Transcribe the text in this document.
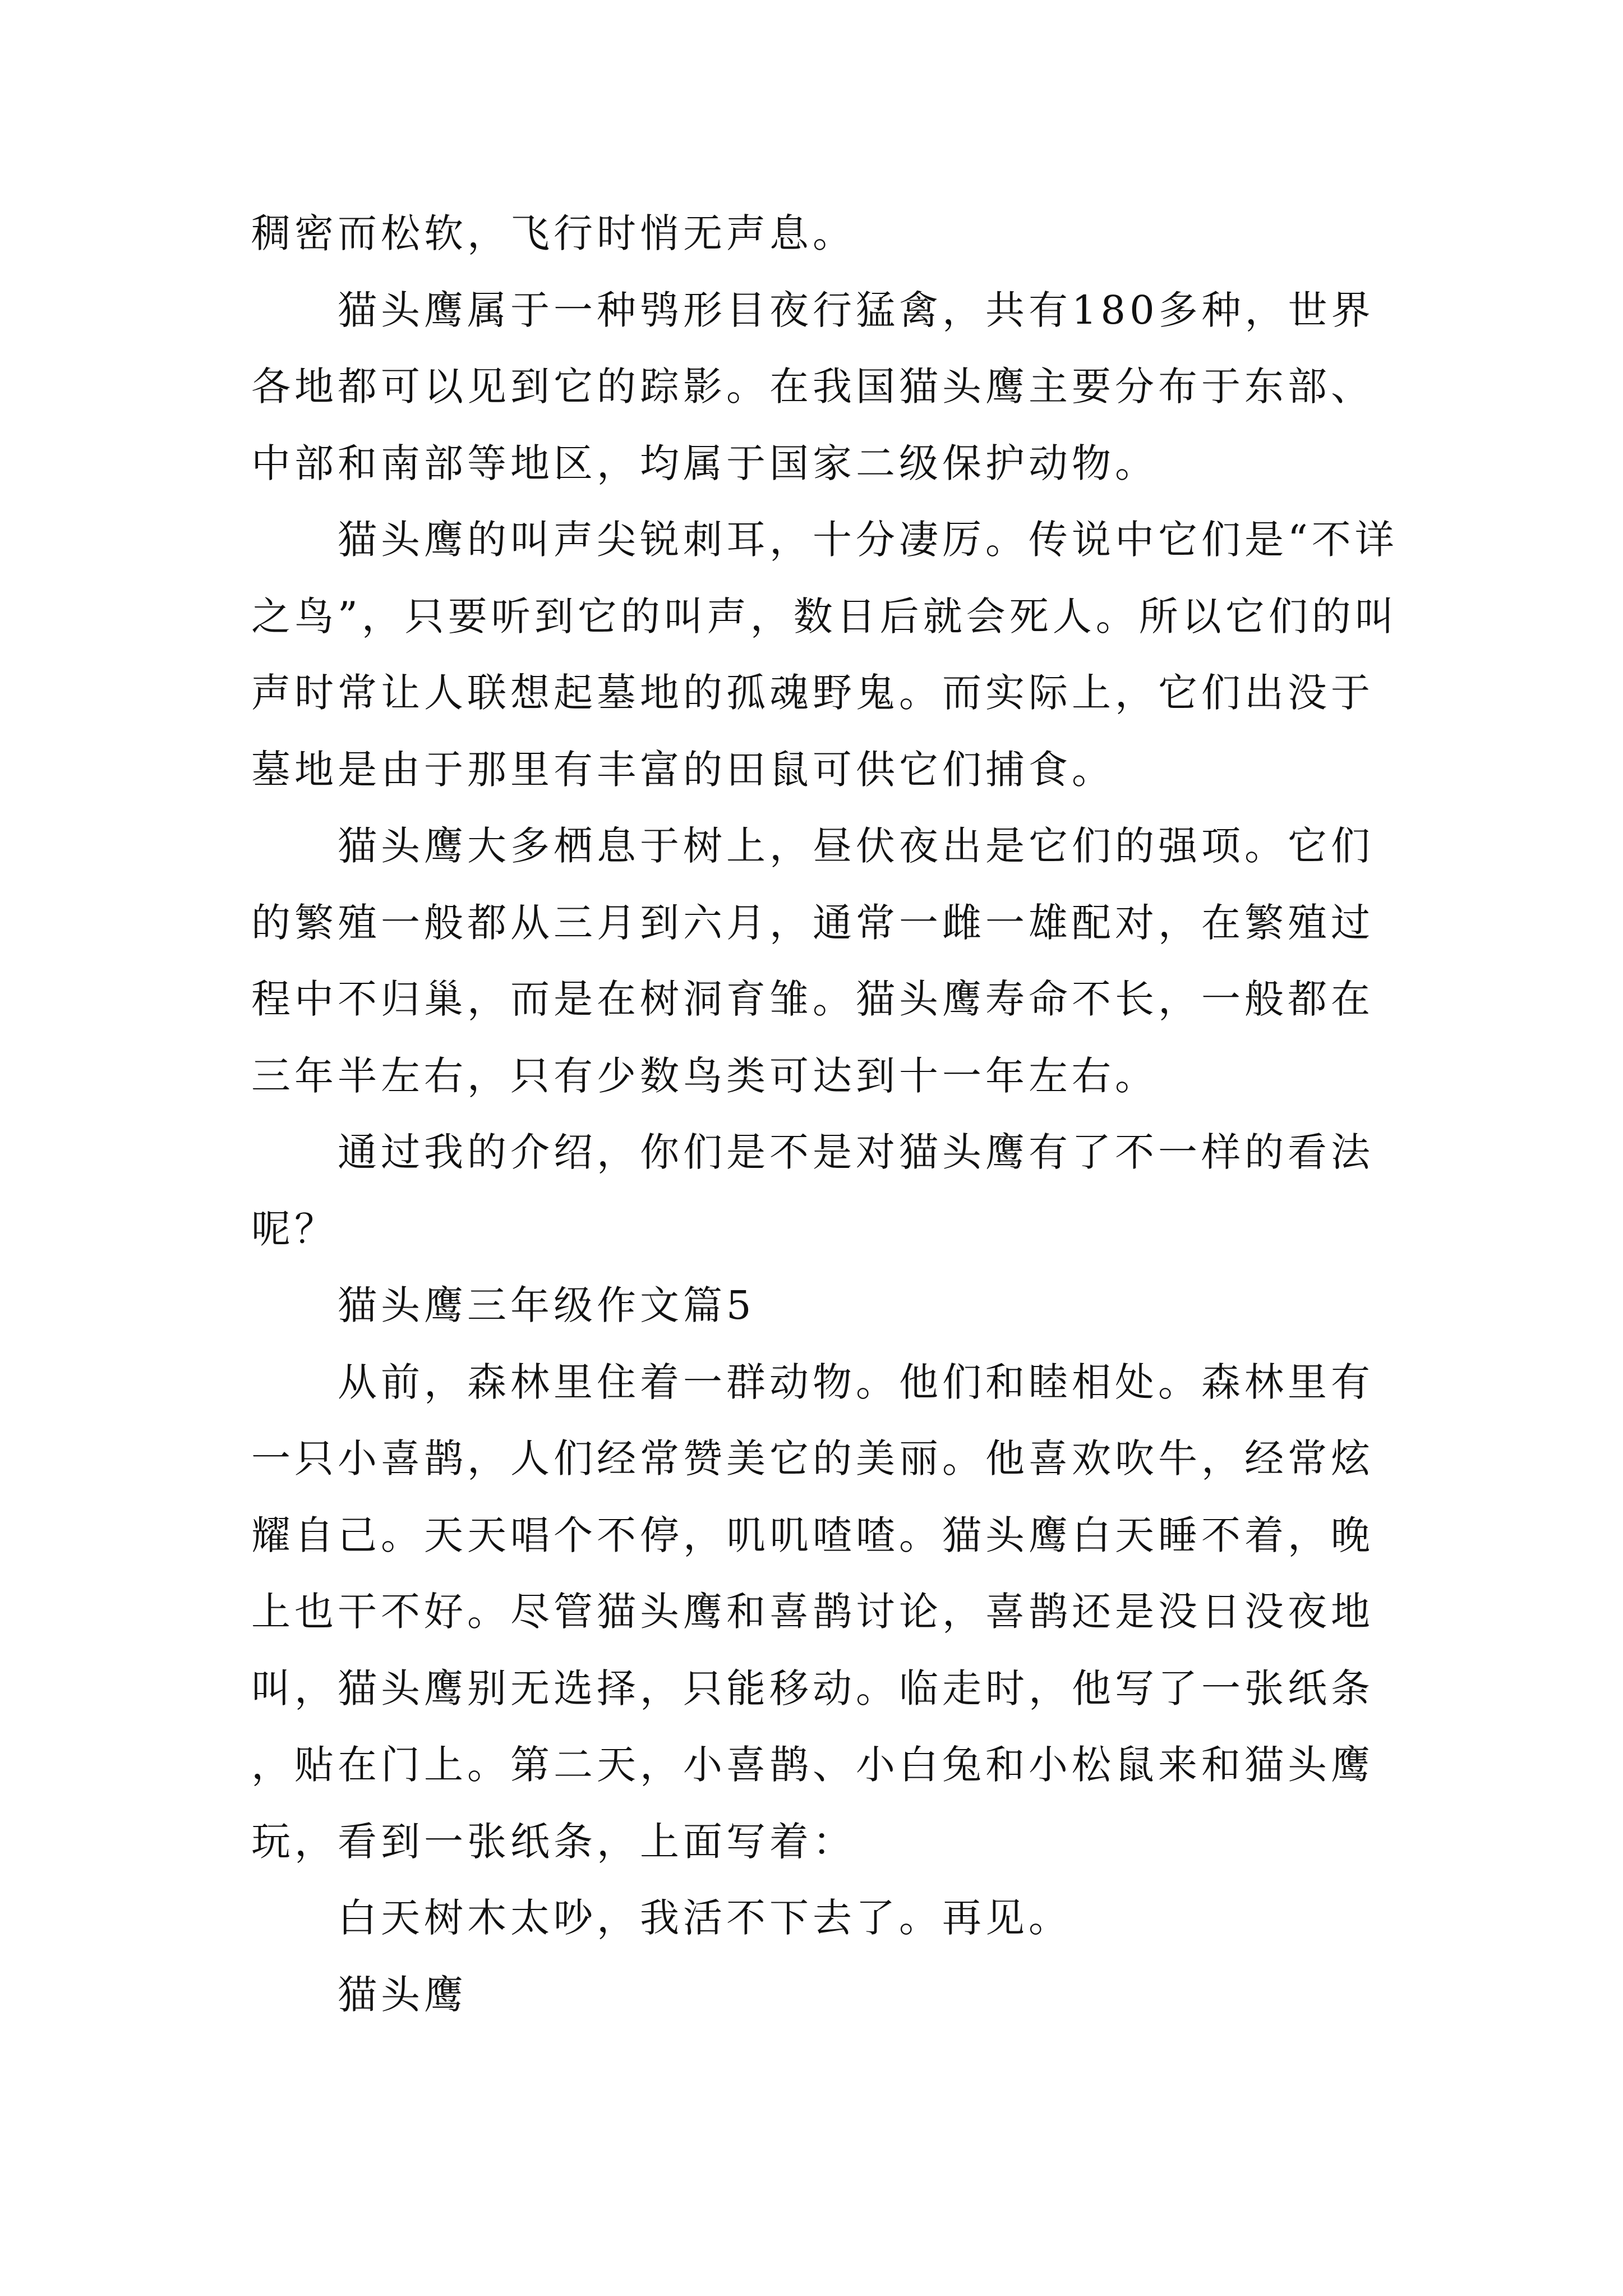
稠密而松软，飞行时悄无声息。

猫头鹰属于一种鸮形目夜行猛禽，共有180多种，世界各地都可以见到它的踪影。在我国猫头鹰主要分布于东部、中部和南部等地区，均属于国家二级保护动物。

猫头鹰的叫声尖锐刺耳，十分凄厉。传说中它们是“不详之鸟”，只要听到它的叫声，数日后就会死人。所以它们的叫声时常让人联想起墓地的孤魂野鬼。而实际上，它们出没于墓地是由于那里有丰富的田鼠可供它们捕食。

猫头鹰大多栖息于树上，昼伏夜出是它们的强项。它们的繁殖一般都从三月到六月，通常一雌一雄配对，在繁殖过程中不归巢，而是在树洞育雏。猫头鹰寿命不长，一般都在三年半左右，只有少数鸟类可达到十一年左右。

通过我的介绍，你们是不是对猫头鹰有了不一样的看法呢？

猫头鹰三年级作文篇5

从前，森林里住着一群动物。他们和睦相处。森林里有一只小喜鹊，人们经常赞美它的美丽。他喜欢吹牛，经常炫耀自己。天天唱个不停，叽叽喳喳。猫头鹰白天睡不着，晚上也干不好。尽管猫头鹰和喜鹊讨论，喜鹊还是没日没夜地叫，猫头鹰别无选择，只能移动。临走时，他写了一张纸条，贴在门上。第二天，小喜鹊、小白兔和小松鼠来和猫头鹰玩，看到一张纸条，上面写着：

白天树木太吵，我活不下去了。再见。

猫头鹰
